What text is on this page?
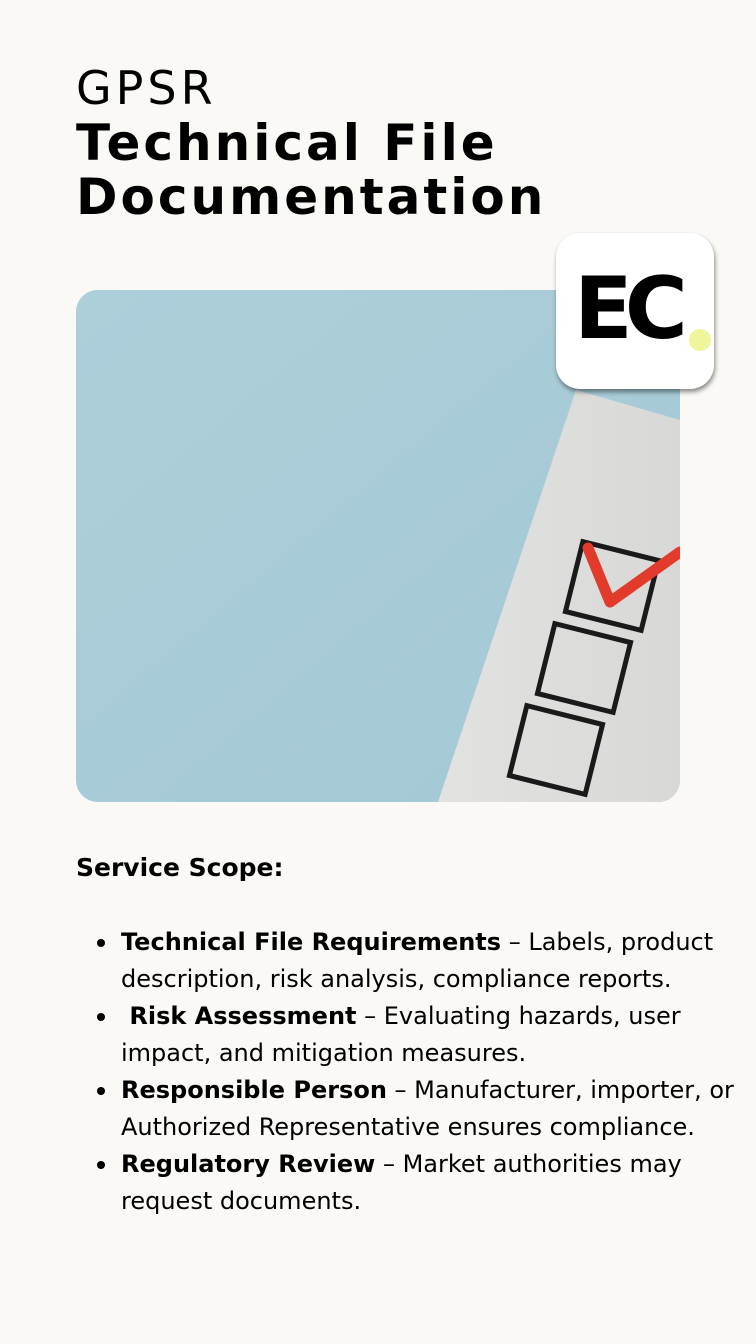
GPSR

Technical File

Documentation

EC

Service Scope:

Technical File Requirements – Labels, product description, risk analysis, compliance reports.
Risk Assessment – Evaluating hazards, user impact, and mitigation measures.
Responsible Person – Manufacturer, importer, or Authorized Representative ensures compliance.
Regulatory Review – Market authorities may request documents.
